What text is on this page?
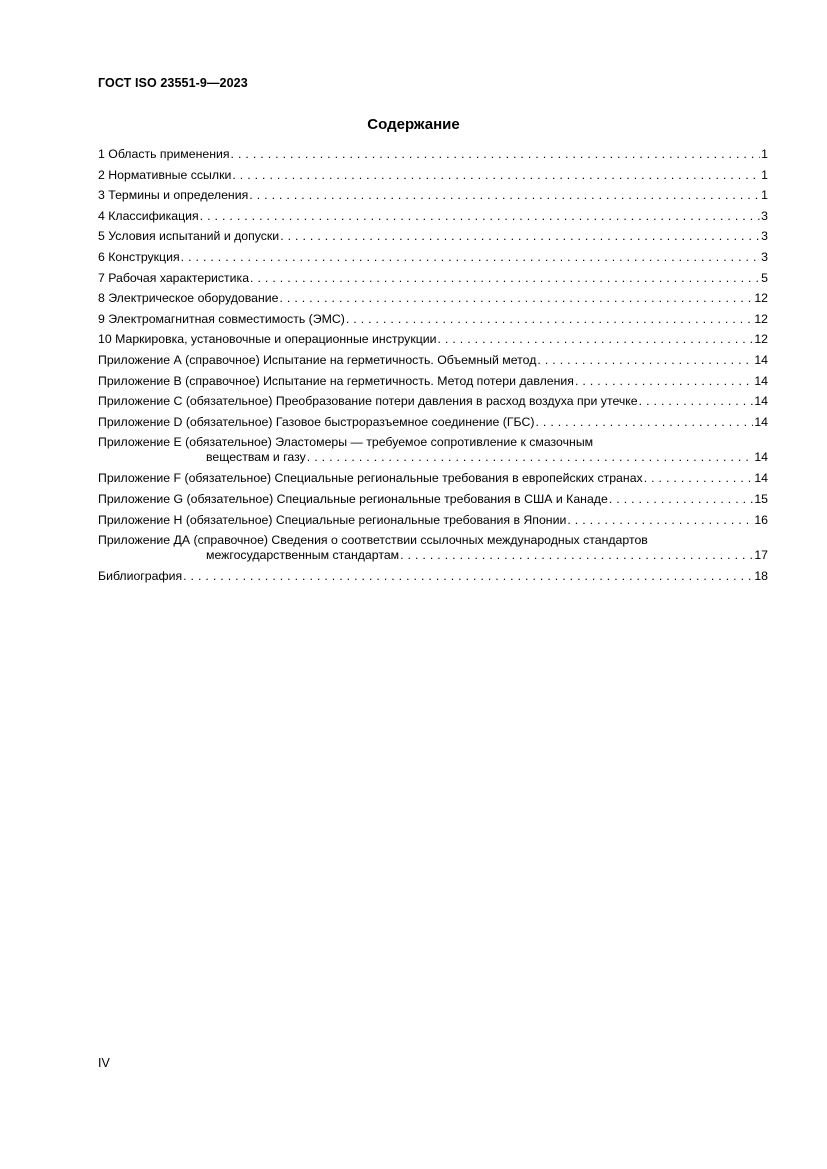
ГОСТ ISO 23551-9—2023
Содержание
1 Область применения . . .	1
2 Нормативные ссылки . . .	1
3 Термины и определения . . .	1
4 Классификация . . .	3
5 Условия испытаний и допуски . . .	3
6 Конструкция . . .	3
7 Рабочая характеристика . . .	5
8 Электрическое оборудование . . .	12
9 Электромагнитная совместимость (ЭМС) . . .	12
10 Маркировка, установочные и операционные инструкции . . .	12
Приложение А (справочное) Испытание на герметичность. Объемный метод . . .	14
Приложение В (справочное) Испытание на герметичность. Метод потери давления . . .	14
Приложение С (обязательное) Преобразование потери давления в расход воздуха при утечке . . .	14
Приложение D (обязательное) Газовое быстроразъемное соединение (ГБС) . . .	14
Приложение Е (обязательное) Эластомеры — требуемое сопротивление к смазочным
веществам и газу . . .	14
Приложение F (обязательное) Специальные региональные требования в европейских странах . . .	14
Приложение G (обязательное) Специальные региональные требования в США и Канаде . . .	15
Приложение Н (обязательное) Специальные региональные требования в Японии . . .	16
Приложение ДА (справочное) Сведения о соответствии ссылочных международных стандартов
межгосударственным стандартам . . .	17
Библиография . . .	18
IV
